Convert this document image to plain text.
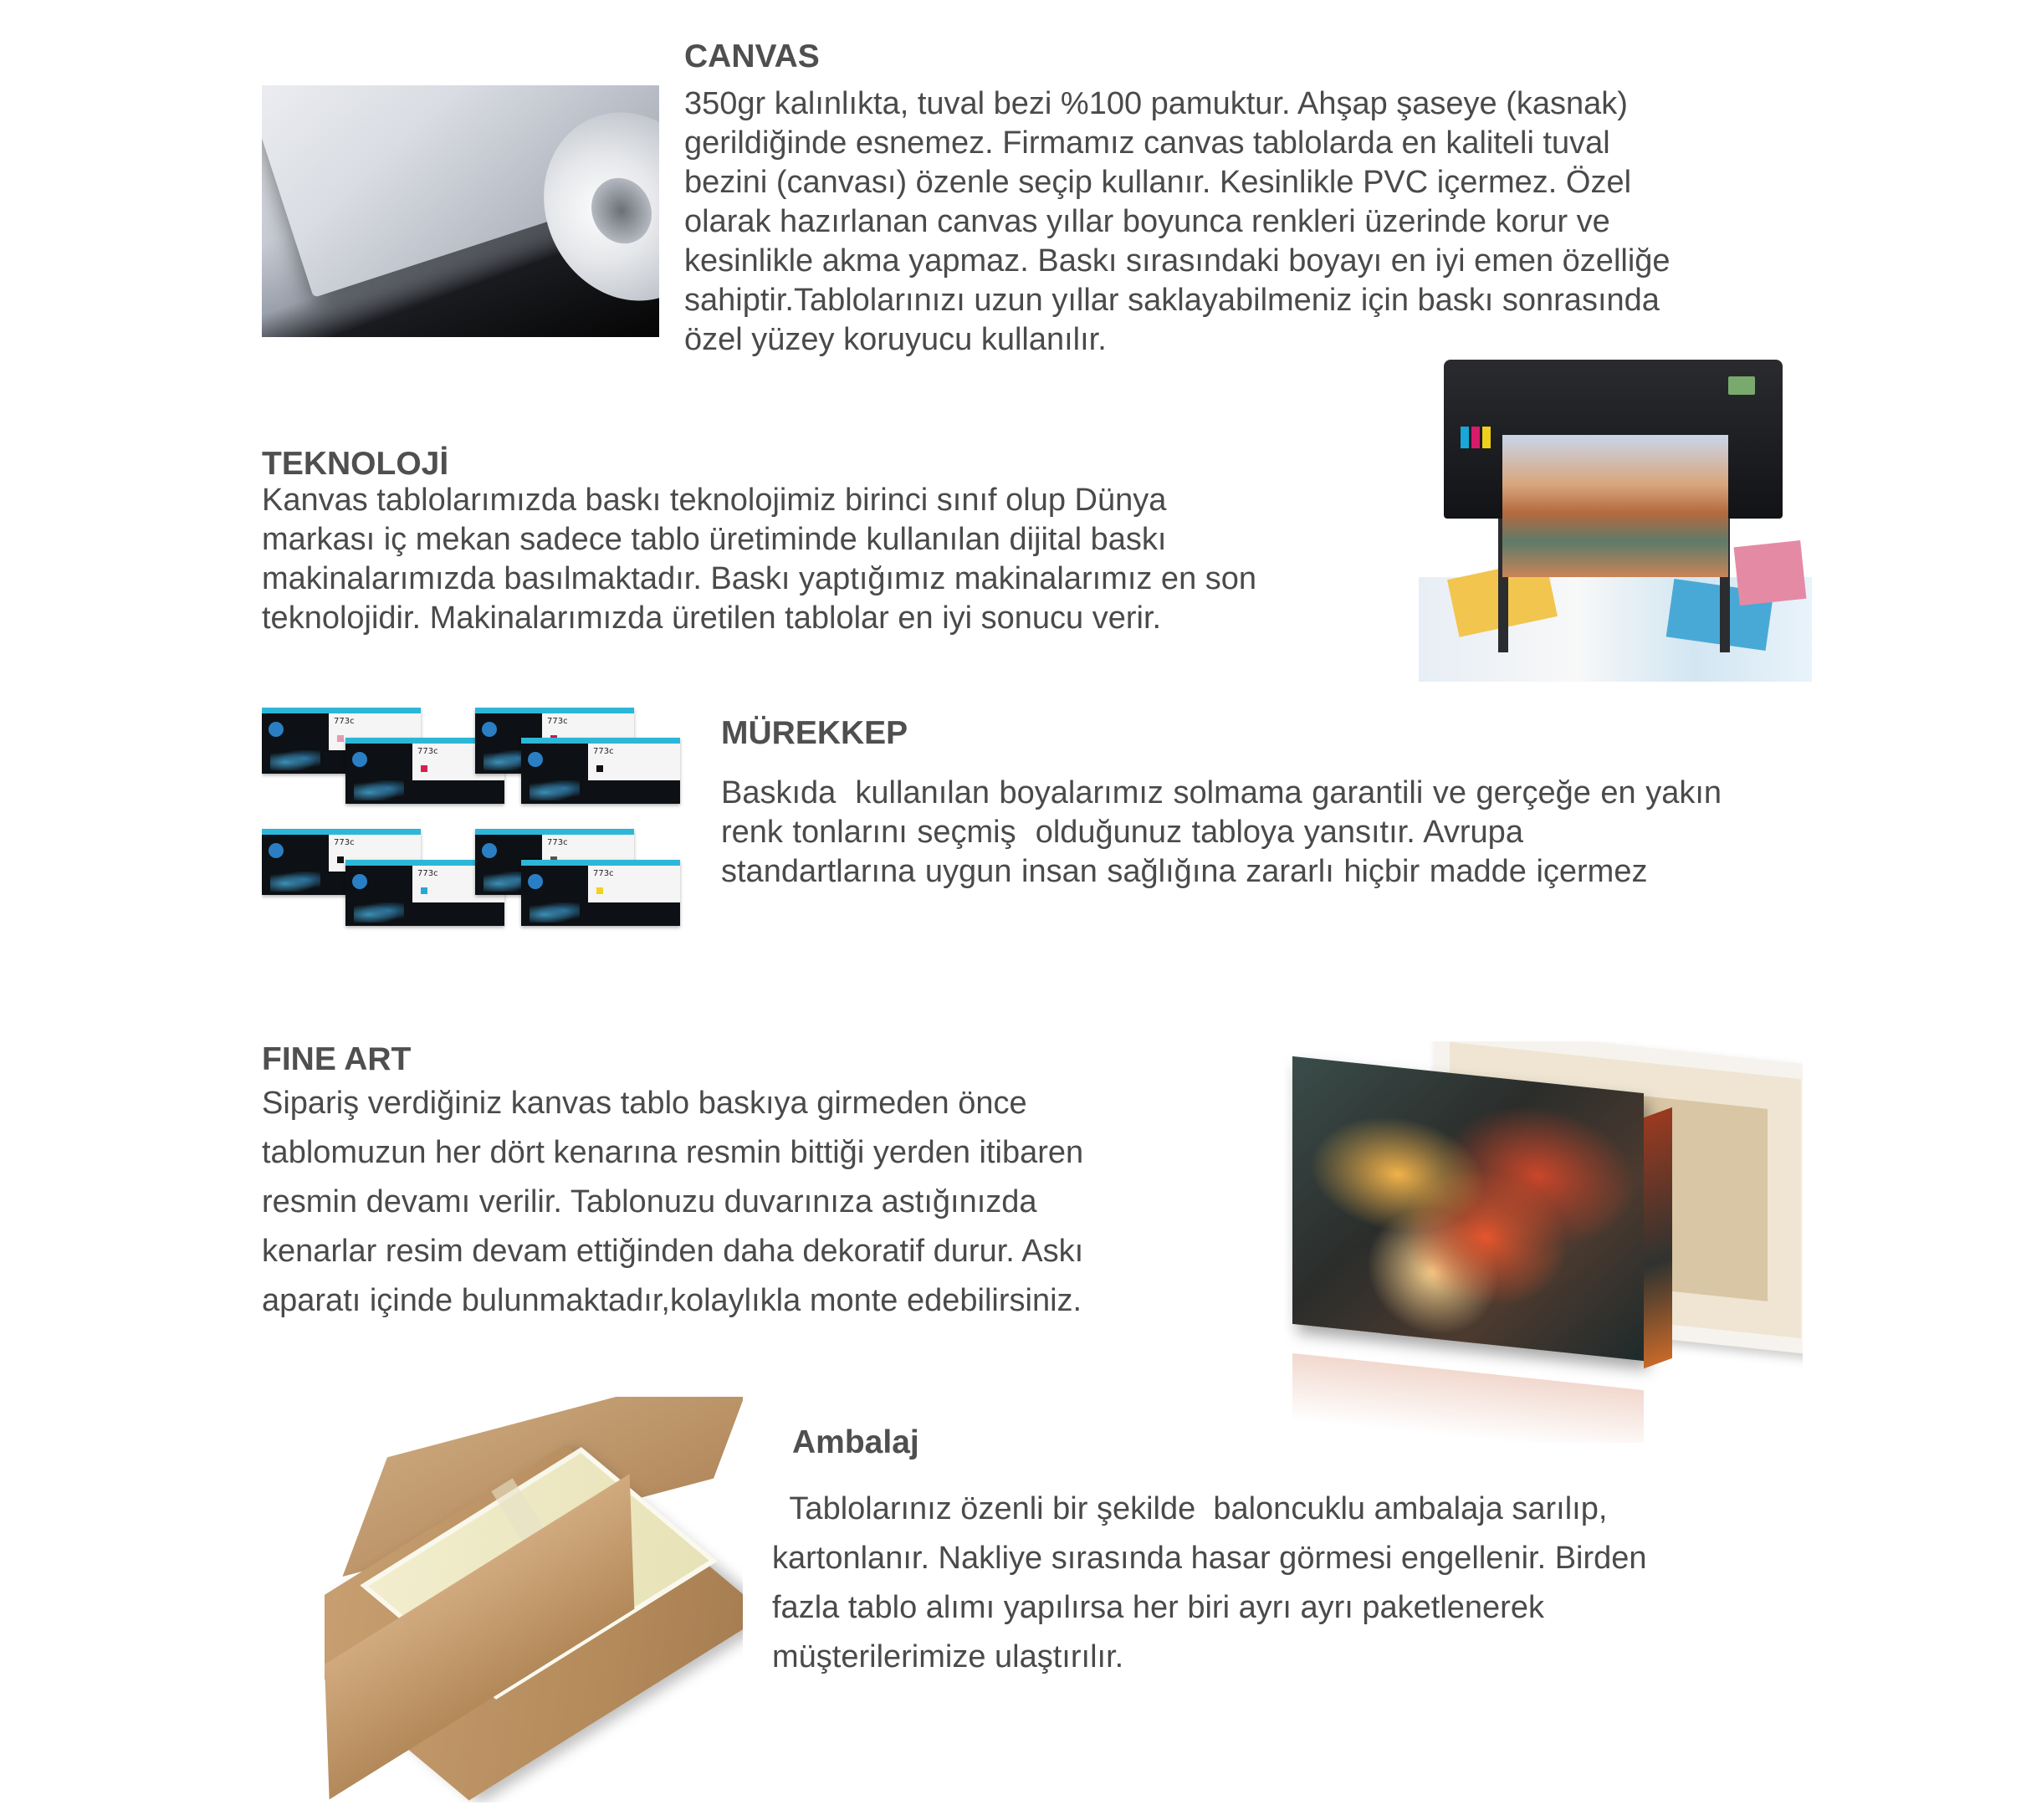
CANVAS
350gr kalınlıkta, tuval bezi %100 pamuktur. Ahşap şaseye (kasnak)
gerildiğinde esnemez. Firmamız canvas tablolarda en kaliteli tuval
bezini (canvası) özenle seçip kullanır. Kesinlikle PVC içermez. Özel
olarak hazırlanan canvas yıllar boyunca renkleri üzerinde korur ve
kesinlikle akma yapmaz. Baskı sırasındaki boyayı en iyi emen özelliğe
sahiptir.Tablolarınızı uzun yıllar saklayabilmeniz için baskı sonrasında
özel yüzey koruyucu kullanılır.
TEKNOLOJİ
Kanvas tablolarımızda baskı teknolojimiz birinci sınıf olup Dünya
markası iç mekan sadece tablo üretiminde kullanılan dijital baskı
makinalarımızda basılmaktadır. Baskı yaptığımız makinalarımız en son
teknolojidir. Makinalarımızda üretilen tablolar en iyi sonucu verir.
773c
773c
773c
773c
773c
773c
773c
773c
MÜREKKEP
Baskıda  kullanılan boyalarımız solmama garantili ve gerçeğe en yakın
renk tonlarını seçmiş  olduğunuz tabloya yansıtır. Avrupa
standartlarına uygun insan sağlığına zararlı hiçbir madde içermez
FINE ART
Sipariş verdiğiniz kanvas tablo baskıya girmeden önce
tablomuzun her dört kenarına resmin bittiği yerden itibaren
resmin devamı verilir. Tablonuzu duvarınıza astığınızda
kenarlar resim devam ettiğinden daha dekoratif durur. Askı
aparatı içinde bulunmaktadır,kolaylıkla monte edebilirsiniz.
Ambalaj
Tablolarınız özenli bir şekilde  baloncuklu ambalaja sarılıp,
kartonlanır. Nakliye sırasında hasar görmesi engellenir. Birden
fazla tablo alımı yapılırsa her biri ayrı ayrı paketlenerek
müşterilerimize ulaştırılır.
